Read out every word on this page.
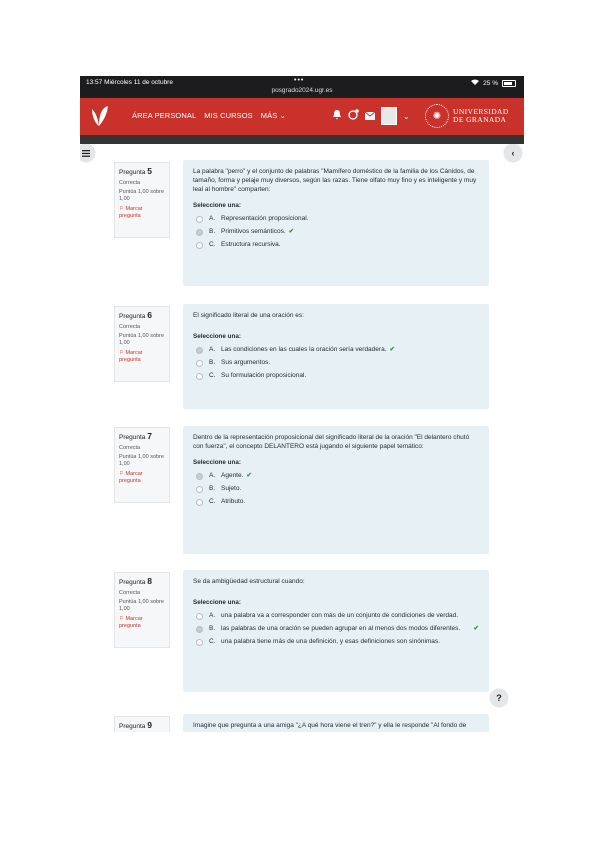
13:57 Miércoles 11 de octubre	•••
posgrado2024.ugr.es
25 %
ÁREA PERSONAL MIS CURSOS MÁS ⌄	⌄	✺	UNIVERSIDAD
DE GRANADA
‹
Pregunta 5
Correcta
Puntúa 1,00 sobre 1,00
⚐ Marcar pregunta
La palabra "perro" y el conjunto de palabras "Mamífero doméstico de la familia de los Cánidos, de tamaño, forma y pelaje muy diversos, según las razas. Tiene olfato muy fino y es inteligente y muy leal al hombre" comparten:
Seleccione una:
A. Representación proposicional.
B. Primitivos semánticos. ✔
C. Estructura recursiva.
Pregunta 6
Correcta
Puntúa 1,00 sobre 1,00
⚐ Marcar pregunta
El significado literal de una oración es:
Seleccione una:
A. Las condiciones en las cuales la oración sería verdadera. ✔
B. Sus argumentos.
C. Su formulación proposicional.
Pregunta 7
Correcta
Puntúa 1,00 sobre 1,00
⚐ Marcar pregunta
Dentro de la representación proposicional del significado literal de la oración "El delantero chutó con fuerza", el concepto DELANTERO está jugando el siguiente papel temático:
Seleccione una:
A. Agente. ✔
B. Sujeto.
C. Atributo.
Pregunta 8
Correcta
Puntúa 1,00 sobre 1,00
⚐ Marcar pregunta
Se da ambigüedad estructural cuando:
Seleccione una:
A. una palabra va a corresponder con más de un conjunto de condiciones de verdad.
B. las palabras de una oración se pueden agrupar en al menos dos modos diferentes.	✔
C. una palabra tiene más de una definición, y esas definiciones son sinónimas.
?
Pregunta 9	Imagine que pregunta a una amiga "¿A qué hora viene el tren?" y ella le responde "Al fondo de
